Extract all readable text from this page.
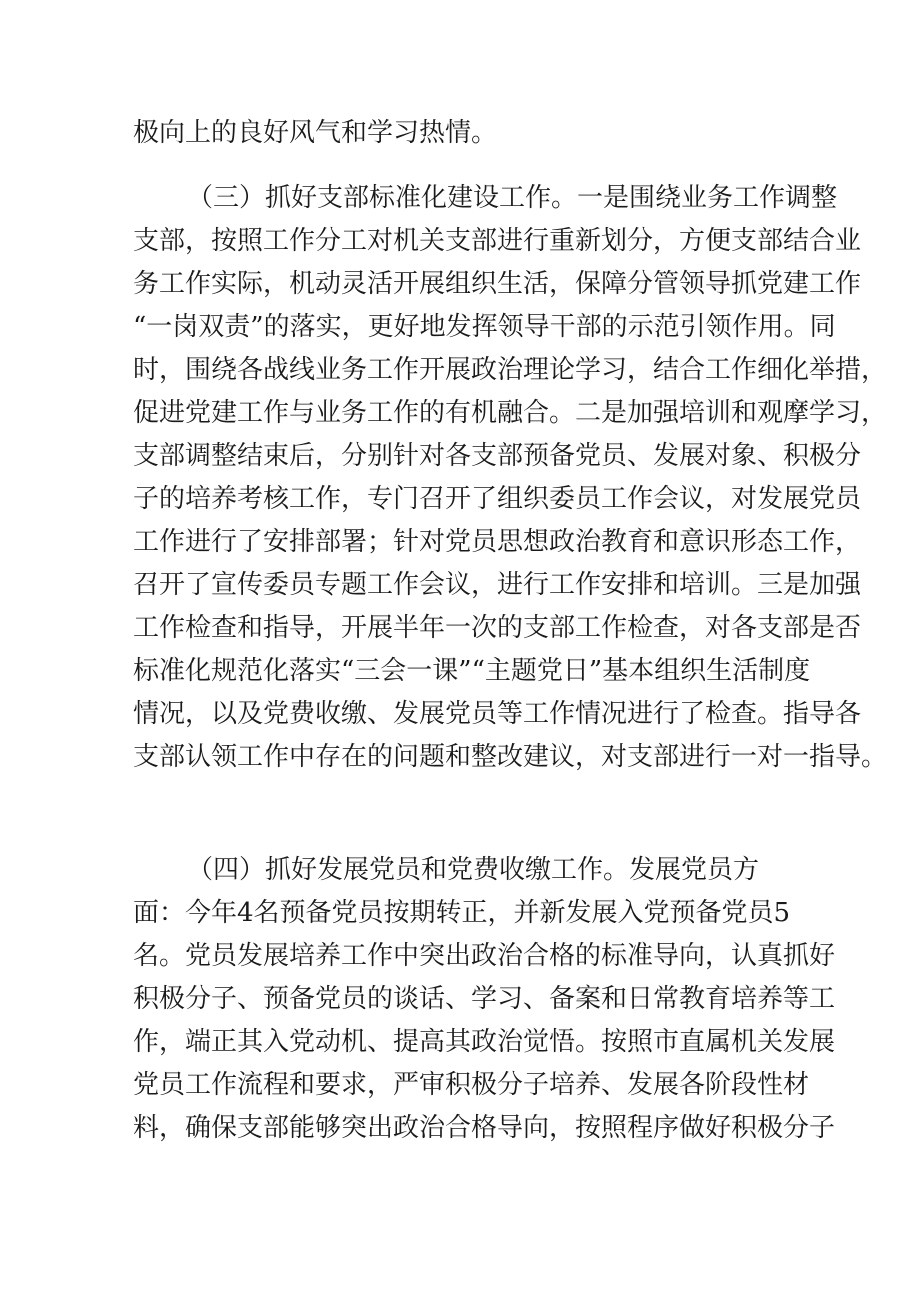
极向上的良好风气和学习热情。

（三）抓好支部标准化建设工作。一是围绕业务工作调整

支部，按照工作分工对机关支部进行重新划分，方便支部结合业

务工作实际，机动灵活开展组织生活，保障分管领导抓党建工作

“一岗双责”的落实，更好地发挥领导干部的示范引领作用。同

时，围绕各战线业务工作开展政治理论学习，结合工作细化举措，

促进党建工作与业务工作的有机融合。二是加强培训和观摩学习，

支部调整结束后，分别针对各支部预备党员、发展对象、积极分

子的培养考核工作，专门召开了组织委员工作会议，对发展党员

工作进行了安排部署；针对党员思想政治教育和意识形态工作，

召开了宣传委员专题工作会议，进行工作安排和培训。三是加强

工作检查和指导，开展半年一次的支部工作检查，对各支部是否

标准化规范化落实“三会一课”“主题党日”基本组织生活制度

情况，以及党费收缴、发展党员等工作情况进行了检查。指导各

支部认领工作中存在的问题和整改建议，对支部进行一对一指导。

（四）抓好发展党员和党费收缴工作。发展党员方

面：今年4名预备党员按期转正，并新发展入党预备党员5

名。党员发展培养工作中突出政治合格的标准导向，认真抓好

积极分子、预备党员的谈话、学习、备案和日常教育培养等工

作，端正其入党动机、提高其政治觉悟。按照市直属机关发展

党员工作流程和要求，严审积极分子培养、发展各阶段性材

料，确保支部能够突出政治合格导向，按照程序做好积极分子
